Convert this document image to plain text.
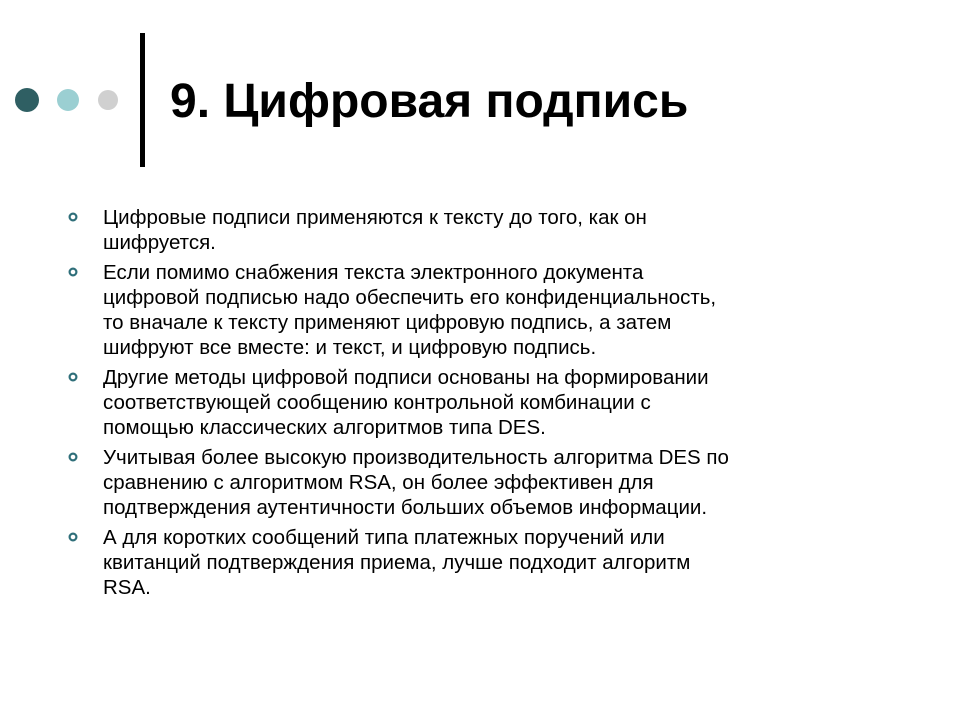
9. Цифровая подпись
Цифровые подписи применяются к тексту до того, как он
шифруется.
Если помимо снабжения текста электронного документа
цифровой подписью надо обеспечить его конфиденциальность,
то вначале к тексту применяют цифровую подпись, а затем
шифруют все вместе: и текст, и цифровую подпись.
Другие методы цифровой подписи основаны на формировании
соответствующей сообщению контрольной комбинации с
помощью классических алгоритмов типа DES.
Учитывая более высокую производительность алгоритма DES по
сравнению с алгоритмом RSA, он более эффективен для
подтверждения аутентичности больших объемов информации.
А для коротких сообщений типа платежных поручений или
квитанций подтверждения приема, лучше подходит алгоритм
RSA.
